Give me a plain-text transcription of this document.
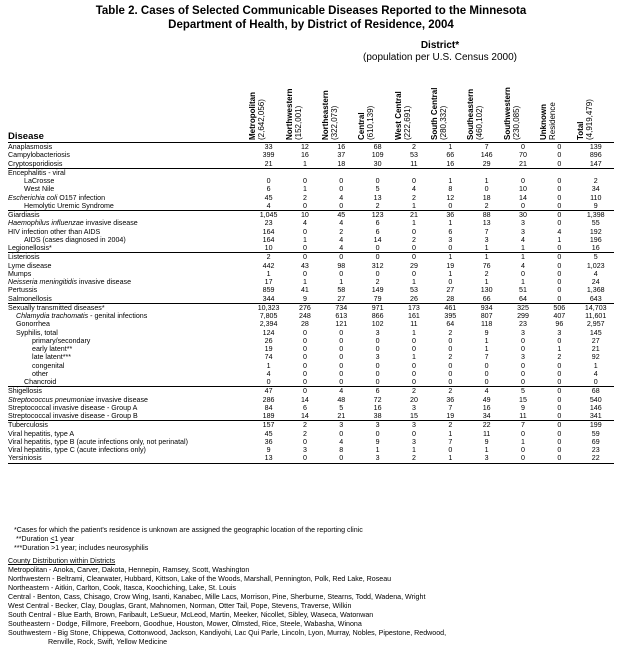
Table 2. Cases of Selected Communicable Diseases Reported to the Minnesota
Department of Health, by District of Residence, 2004
District*
(population per U.S. Census 2000)
Disease	Metropolitan (2,642,056)	Northwestern (152,001)	Northeastern (322,073)	Central (610,139)	West Central (222,691)	South Central (280,332)	Southeastern (460,102)	Southwestern (230,085)	Unknown Residence	Total (4,919,479)

Anaplasmosis	33	12	16	68	2	1	7	0	0	139
Campylobacteriosis	399	16	37	109	53	66	146	70	0	896
Cryptosporidiosis	21	1	18	30	11	16	29	21	0	147
Encephalitis - viral										
LaCrosse	0	0	0	0	0	1	1	0	0	2
West Nile	6	1	0	5	4	8	0	10	0	34
Escherichia coli O157 infection	45	2	4	13	2	12	18	14	0	110
Hemolytic Uremic Syndrome	4	0	0	2	1	0	2	0	0	9
Giardiasis	1,045	10	45	123	21	36	88	30	0	1,398
Haemophilus influenzae invasive disease	23	4	4	6	1	1	13	3	0	55
HIV infection other than AIDS	164	0	2	6	0	6	7	3	4	192
AIDS (cases diagnosed in 2004)	164	1	4	14	2	3	3	4	1	196
Legionellosis*	10	0	4	0	0	0	1	1	0	16
Listeriosis	2	0	0	0	0	1	1	1	0	5
Lyme disease	442	43	98	312	29	19	76	4	0	1,023
Mumps	1	0	0	0	0	1	2	0	0	4
Neisseria meningitidis invasive disease	17	1	1	2	1	0	1	1	0	24
Pertussis	859	41	58	149	53	27	130	51	0	1,368
Salmonellosis	344	9	27	79	26	28	66	64	0	643
Sexually transmitted diseases*	10,323	276	734	971	173	461	934	325	506	14,703
Chlamydia trachomatis - genital infections	7,805	248	613	866	161	395	807	299	407	11,601
Gonorrhea	2,394	28	121	102	11	64	118	23	96	2,957
Syphilis, total	124	0	0	3	1	2	9	3	3	145
primary/secondary	26	0	0	0	0	0	1	0	0	27
early latent**	19	0	0	0	0	0	1	0	1	21
late latent***	74	0	0	3	1	2	7	3	2	92
congenital	1	0	0	0	0	0	0	0	0	1
other	4	0	0	0	0	0	0	0	0	4
Chancroid	0	0	0	0	0	0	0	0	0	0
Shigellosis	47	0	4	6	2	2	4	5	0	68
Streptococcus pneumoniae invasive disease	286	14	48	72	20	36	49	15	0	540
Streptococcal invasive disease - Group A	84	6	5	16	3	7	16	9	0	146
Streptococcal invasive disease - Group B	189	14	21	38	15	19	34	11	0	341
Tuberculosis	157	2	3	3	3	2	22	7	0	199
Viral hepatitis, type A	45	2	0	0	0	1	11	0	0	59
Viral hepatitis, type B (acute infections only, not perinatal)	36	0	4	9	3	7	9	1	0	69
Viral hepatitis, type C (acute infections only)	9	3	8	1	1	0	1	0	0	23
Yersiniosis	13	0	0	3	2	1	3	0	0	22
*Cases for which the patient's residence is unknown are assigned the geographic location of the reporting clinic
**Duration <1 year
***Duration >1 year; includes neurosyphilis
County Distribution within Districts
Metropolitan - Anoka, Carver, Dakota, Hennepin, Ramsey, Scott, Washington
Northwestern - Beltrami, Clearwater, Hubbard, Kittson, Lake of the Woods, Marshall, Pennington, Polk, Red Lake, Roseau
Northeastern - Aitkin, Carlton, Cook, Itasca, Koochiching, Lake, St. Louis
Central - Benton, Cass, Chisago, Crow Wing, Isanti, Kanabec, Mille Lacs, Morrison, Pine, Sherburne, Stearns, Todd, Wadena, Wright
West Central - Becker, Clay, Douglas, Grant, Mahnomen, Norman, Otter Tail, Pope, Stevens, Traverse, Wilkin
South Central - Blue Earth, Brown, Faribault, LeSueur, McLeod, Martin, Meeker, Nicollet, Sibley, Waseca, Watonwan
Southeastern - Dodge, Fillmore, Freeborn, Goodhue, Houston, Mower, Olmsted, Rice, Steele, Wabasha, Winona
Southwestern - Big Stone, Chippewa, Cottonwood, Jackson, Kandiyohi, Lac Qui Parle, Lincoln, Lyon, Murray, Nobles, Pipestone, Redwood,
Renville, Rock, Swift, Yellow Medicine
